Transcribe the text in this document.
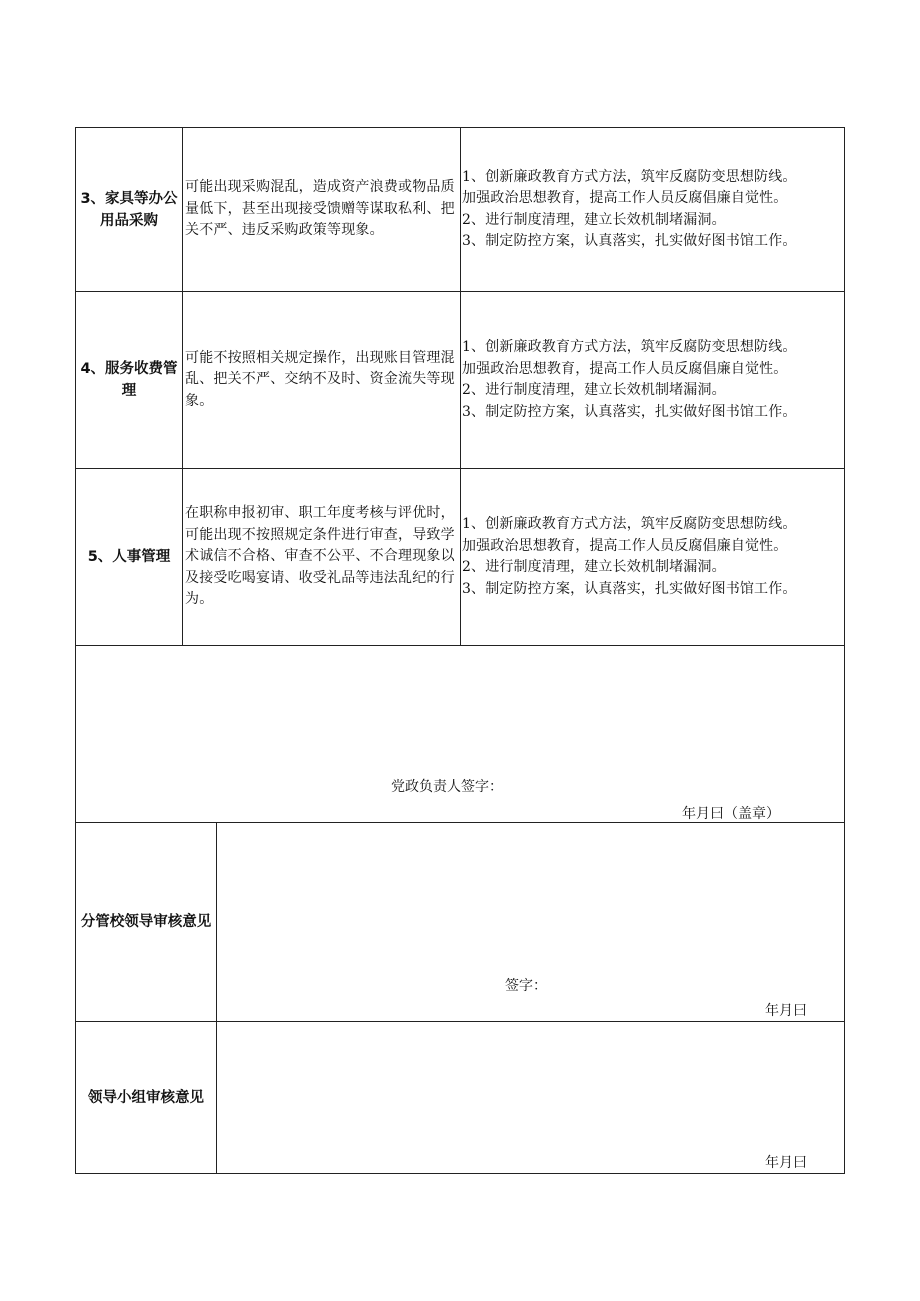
3、家具等办公用品采购
可能出现采购混乱，造成资产浪费或物品质量低下，甚至出现接受馈赠等谋取私利、把关不严、违反采购政策等现象。
1、创新廉政教育方式方法，筑牢反腐防变思想防线。
加强政治思想教育，提高工作人员反腐倡廉自觉性。
2、进行制度清理，建立长效机制堵漏洞。
3、制定防控方案，认真落实，扎实做好图书馆工作。
4、服务收费管理
可能不按照相关规定操作，出现账目管理混乱、把关不严、交纳不及时、资金流失等现象。
1、创新廉政教育方式方法，筑牢反腐防变思想防线。
加强政治思想教育，提高工作人员反腐倡廉自觉性。
2、进行制度清理，建立长效机制堵漏洞。
3、制定防控方案，认真落实，扎实做好图书馆工作。
5、人事管理
在职称申报初审、职工年度考核与评优时，可能出现不按照规定条件进行审查，导致学术诚信不合格、审查不公平、不合理现象以及接受吃喝宴请、收受礼品等违法乱纪的行为。
1、创新廉政教育方式方法，筑牢反腐防变思想防线。
加强政治思想教育，提高工作人员反腐倡廉自觉性。
2、进行制度清理，建立长效机制堵漏洞。
3、制定防控方案，认真落实，扎实做好图书馆工作。
党政负责人签字：
年月曰（盖章）
分管校领导审核意见
签字：
年月曰
领导小组审核意见
年月曰
